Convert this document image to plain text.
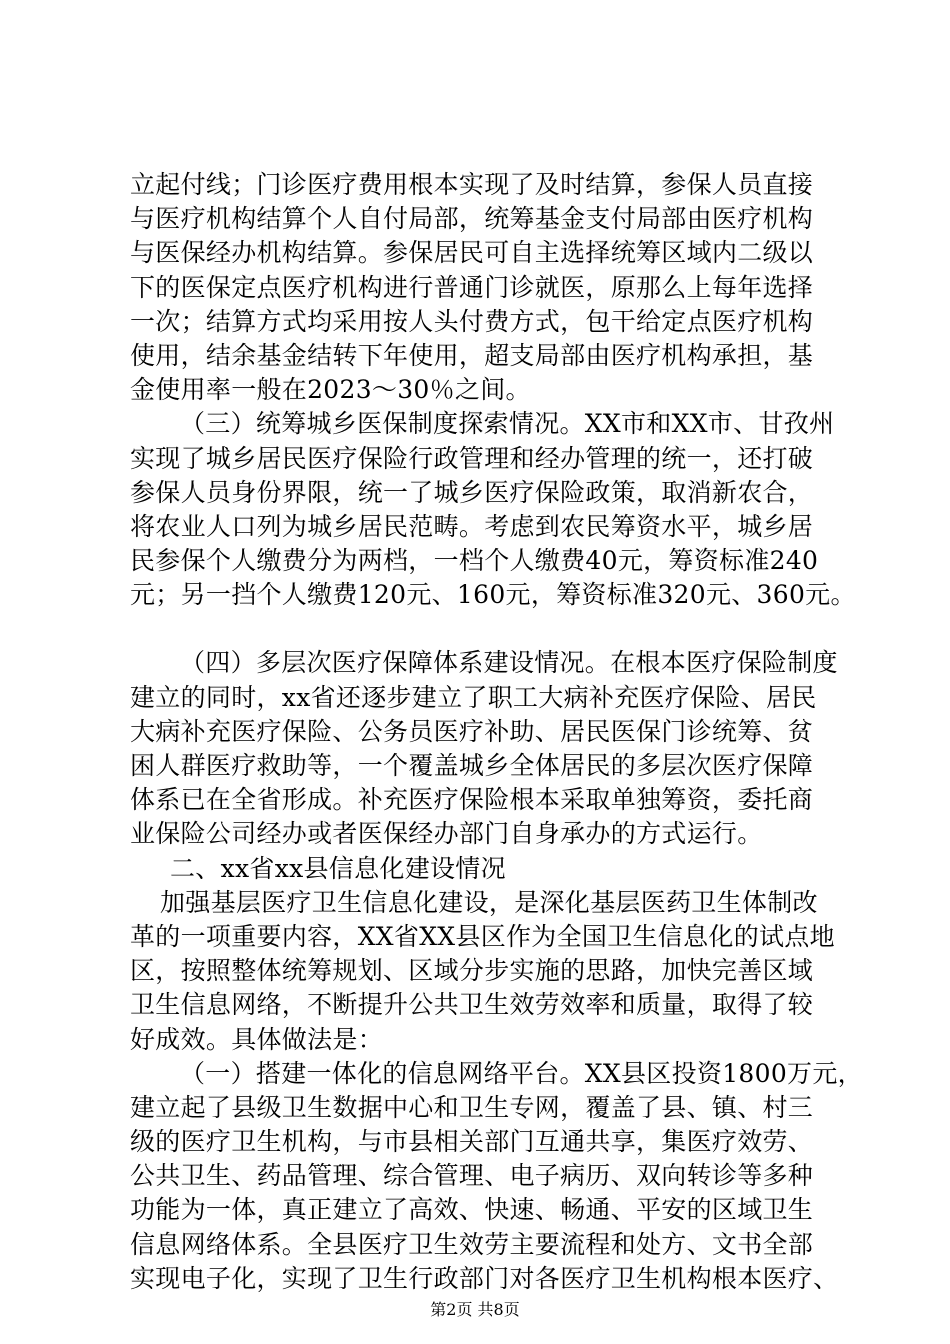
立起付线；门诊医疗费用根本实现了及时结算，参保人员直接
与医疗机构结算个人自付局部，统筹基金支付局部由医疗机构
与医保经办机构结算。参保居民可自主选择统筹区域内二级以
下的医保定点医疗机构进行普通门诊就医，原那么上每年选择
一次；结算方式均采用按人头付费方式，包干给定点医疗机构
使用，结余基金结转下年使用，超支局部由医疗机构承担，基
金使用率一般在2023～30％之间。
（三）统筹城乡医保制度探索情况。XX市和XX市、甘孜州
实现了城乡居民医疗保险行政管理和经办管理的统一，还打破
参保人员身份界限，统一了城乡医疗保险政策，取消新农合，
将农业人口列为城乡居民范畴。考虑到农民筹资水平，城乡居
民参保个人缴费分为两档，一档个人缴费40元，筹资标准240
元；另一挡个人缴费120元、160元，筹资标准320元、360元。
（四）多层次医疗保障体系建设情况。在根本医疗保险制度
建立的同时，xx省还逐步建立了职工大病补充医疗保险、居民
大病补充医疗保险、公务员医疗补助、居民医保门诊统筹、贫
困人群医疗救助等，一个覆盖城乡全体居民的多层次医疗保障
体系已在全省形成。补充医疗保险根本采取单独筹资，委托商
业保险公司经办或者医保经办部门自身承办的方式运行。
二、xx省xx县信息化建设情况
加强基层医疗卫生信息化建设，是深化基层医药卫生体制改
革的一项重要内容，XX省XX县区作为全国卫生信息化的试点地
区，按照整体统筹规划、区域分步实施的思路，加快完善区域
卫生信息网络，不断提升公共卫生效劳效率和质量，取得了较
好成效。具体做法是：
（一）搭建一体化的信息网络平台。XX县区投资1800万元，
建立起了县级卫生数据中心和卫生专网，覆盖了县、镇、村三
级的医疗卫生机构，与市县相关部门互通共享，集医疗效劳、
公共卫生、药品管理、综合管理、电子病历、双向转诊等多种
功能为一体，真正建立了高效、快速、畅通、平安的区域卫生
信息网络体系。全县医疗卫生效劳主要流程和处方、文书全部
实现电子化，实现了卫生行政部门对各医疗卫生机构根本医疗、
第2页 共8页
